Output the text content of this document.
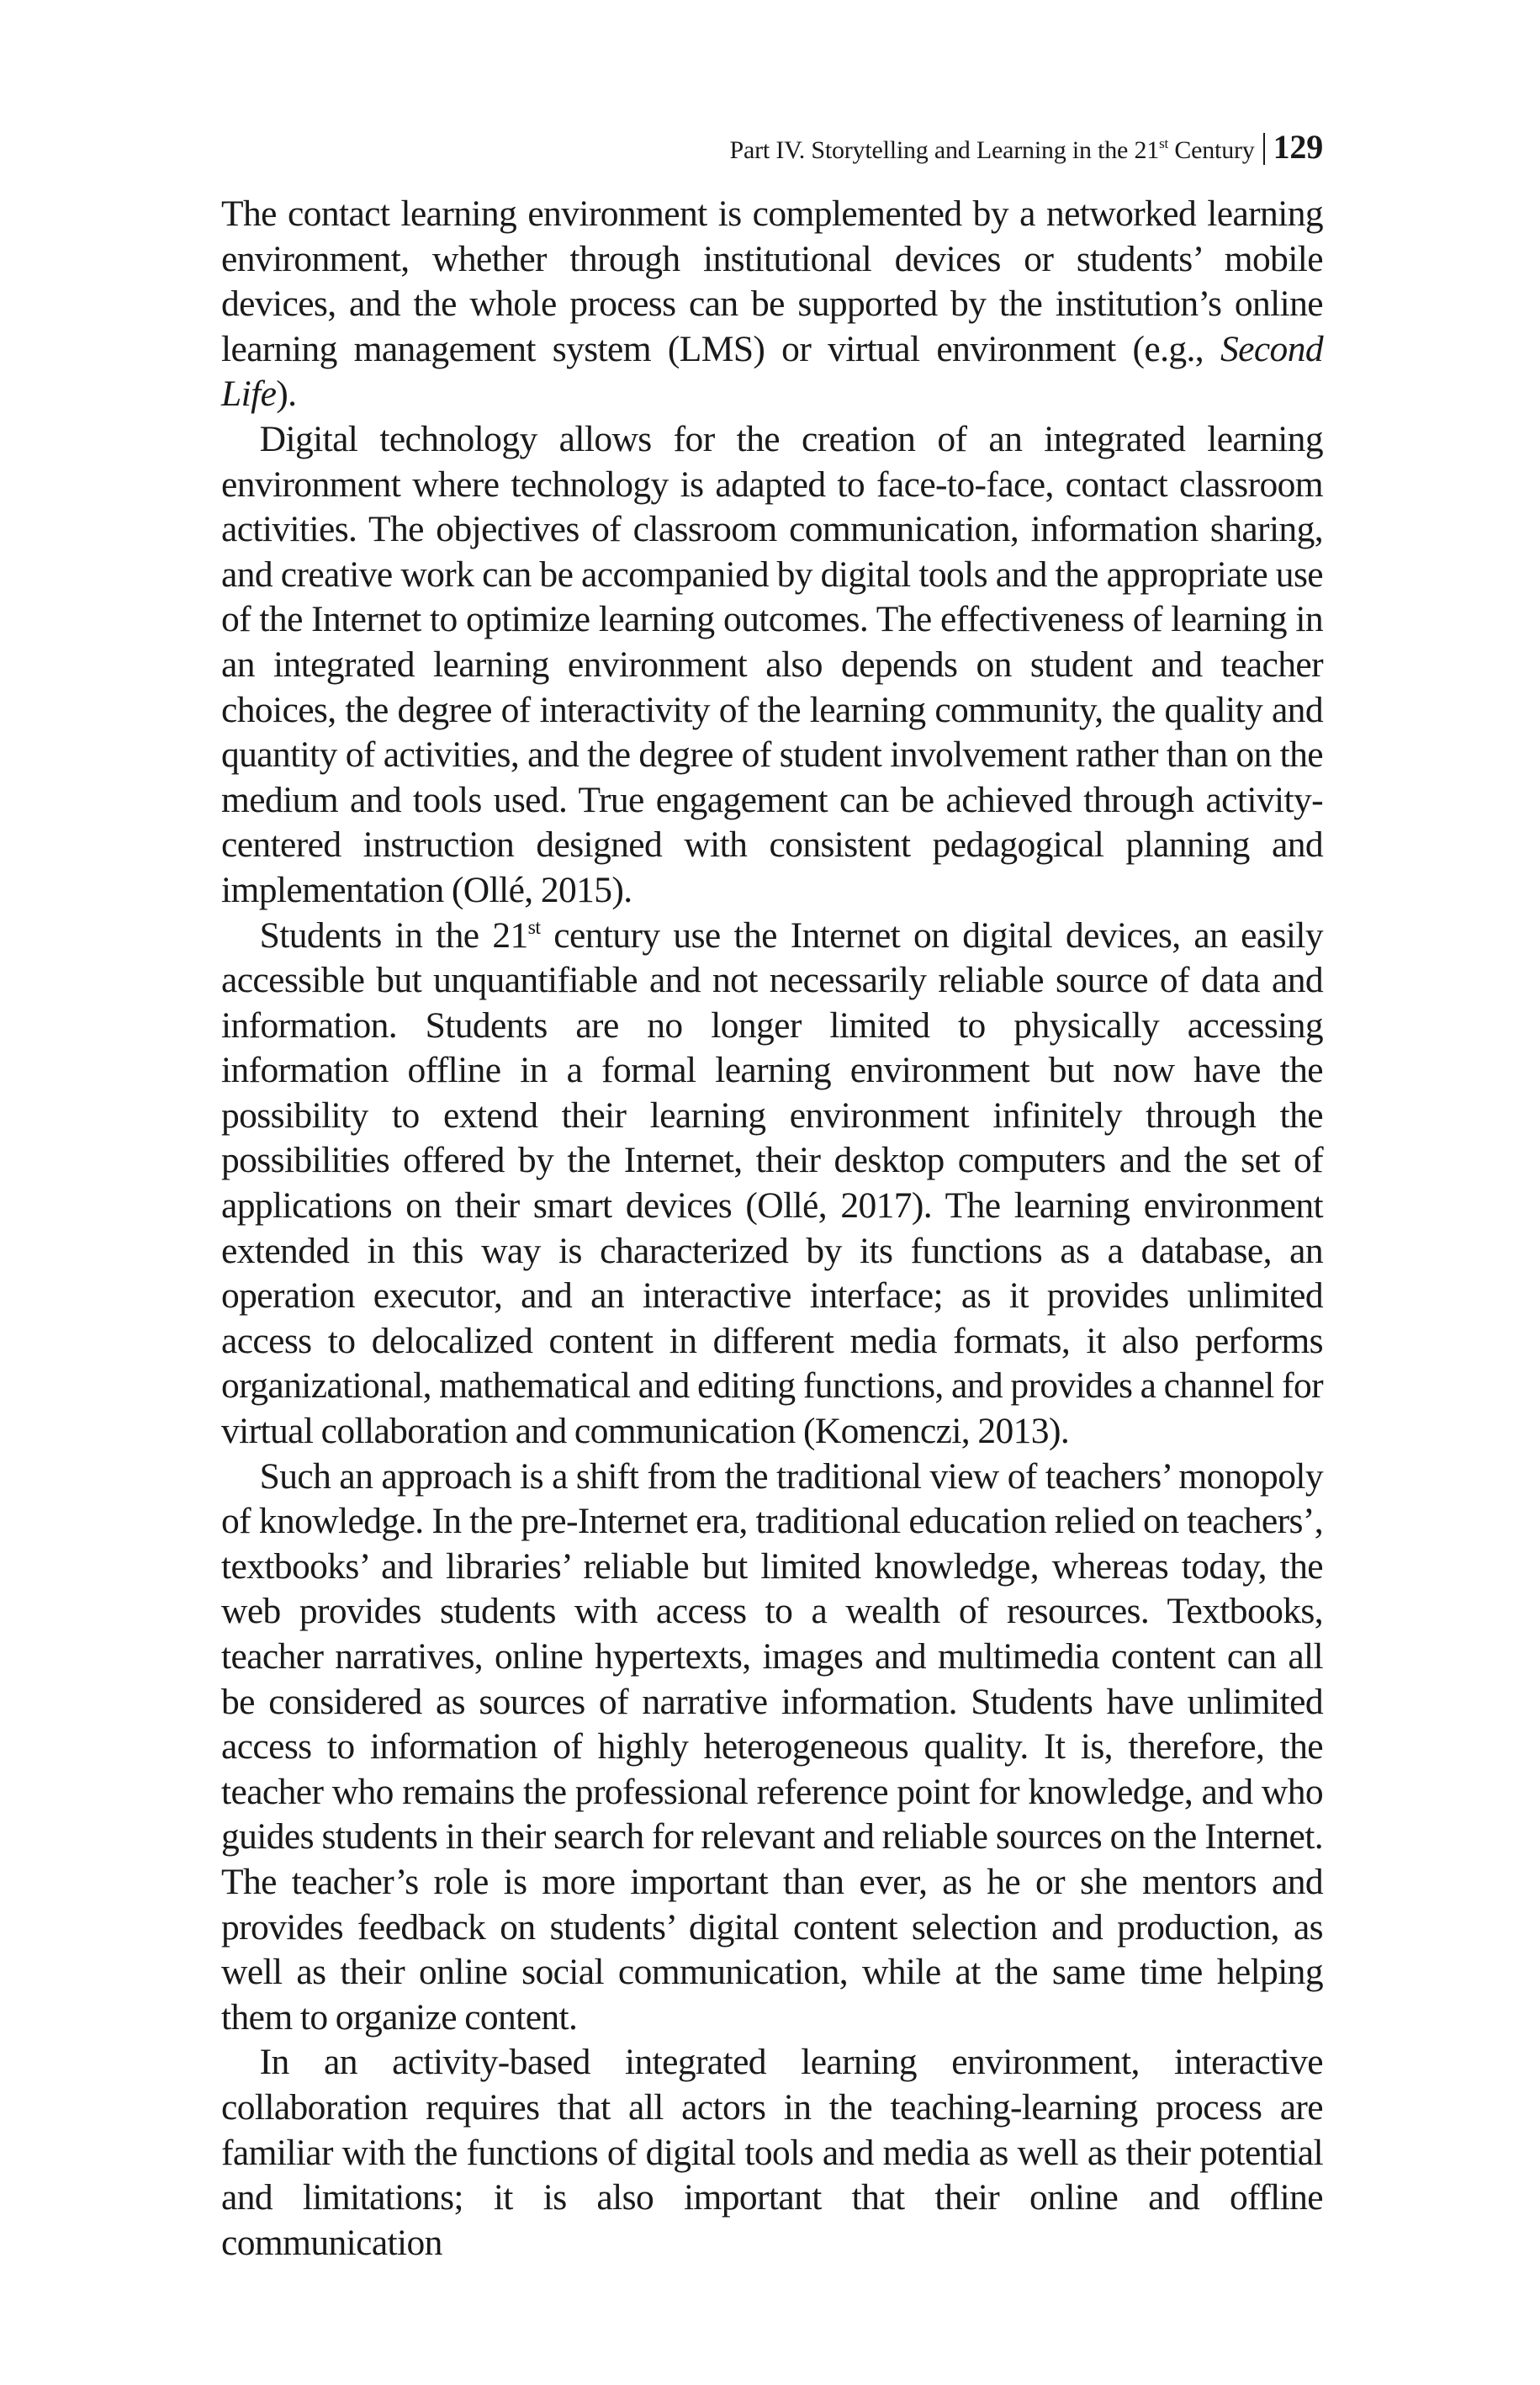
Part IV. Storytelling and Learning in the 21st Century 129

The contact learning environment is complemented by a networked learning environment, whether through institutional devices or students’ mobile devices, and the whole process can be supported by the institution’s online learning management system (LMS) or virtual environment (e.g., Second Life).

Digital technology allows for the creation of an integrated learning environment where technology is adapted to face-to-face, contact classroom activities. The objectives of classroom communication, information sharing, and creative work can be accompanied by digital tools and the appropriate use of the Internet to optimize learning outcomes. The effectiveness of learning in an integrated learning environment also depends on student and teacher choices, the degree of interactivity of the learning community, the quality and quantity of activities, and the degree of student involvement rather than on the medium and tools used. True engagement can be achieved through activity-centered instruction designed with consistent pedagogical planning and implementation (Ollé, 2015).

Students in the 21st century use the Internet on digital devices, an easily accessible but unquantifiable and not necessarily reliable source of data and information. Students are no longer limited to physically accessing information offline in a formal learning environment but now have the possibility to extend their learning environment infinitely through the possibilities offered by the Internet, their desktop computers and the set of applications on their smart devices (Ollé, 2017). The learning environment extended in this way is characterized by its functions as a database, an operation executor, and an interactive interface; as it provides unlimited access to delocalized content in different media formats, it also performs organizational, mathematical and editing functions, and provides a channel for virtual collaboration and communication (Komenczi, 2013).

Such an approach is a shift from the traditional view of teachers’ monopoly of knowledge. In the pre-Internet era, traditional education relied on teachers’, textbooks’ and libraries’ reliable but limited knowledge, whereas today, the web provides students with access to a wealth of resources. Textbooks, teacher narratives, online hypertexts, images and multimedia content can all be considered as sources of narrative information. Students have unlimited access to information of highly heterogeneous quality. It is, therefore, the teacher who remains the professional reference point for knowledge, and who guides students in their search for relevant and reliable sources on the Internet. The teacher’s role is more important than ever, as he or she mentors and provides feedback on students’ digital content selection and production, as well as their online social communication, while at the same time helping them to organize content.

In an activity-based integrated learning environment, interactive collaboration requires that all actors in the teaching-learning process are familiar with the functions of digital tools and media as well as their potential and limitations; it is also important that their online and offline communication
